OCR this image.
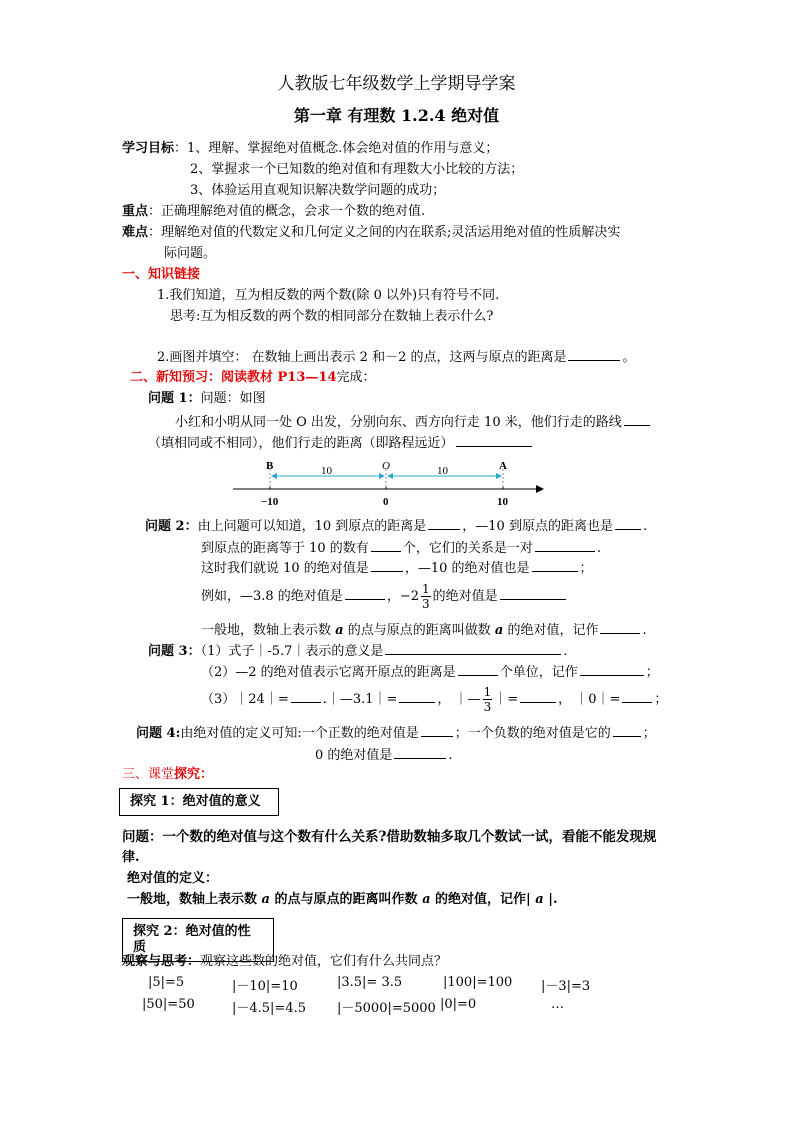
人教版七年级数学上学期导学案
第一章 有理数 1.2.4 绝对值
学习目标：1、理解、掌握绝对值概念.体会绝对值的作用与意义；
2、掌握求一个已知数的绝对值和有理数大小比较的方法；
3、体验运用直观知识解决数学问题的成功；
重点：正确理解绝对值的概念，会求一个数的绝对值.
难点：理解绝对值的代数定义和几何定义之间的内在联系;灵活运用绝对值的性质解决实
际问题。
一、知识链接
1.我们知道，互为相反数的两个数(除 0 以外)只有符号不同.
思考:互为相反数的两个数的相同部分在数轴上表示什么?
2.画图并填空： 在数轴上画出表示 2 和－2 的点，这两与原点的距离是	。
二、新知预习：阅读教材 P13—14完成：
问题 1：问题：如图
小红和小明从同一处 O 出发，分别向东、西方向行走 10 米，他们行走的路线
（填相同或不相同），他们行走的距离（即路程远近）
B	O	A
10	10
−10	0	10
问题 2：由上问题可以知道，10 到原点的距离是	，—10 到原点的距离也是 .
到原点的距离等于 10 的数有	个，它们的关系是一对	.
这时我们就说 10 的绝对值是	，—10 的绝对值也是	；
例如，—3.8 的绝对值是	，$-2 \frac{1}{3}$ 的绝对值是
一般地，数轴上表示数 a 的点与原点的距离叫做数 a 的绝对值，记作	.
问题 3：（1）式子｜-5.7｜表示的意义是	.
（2）—2 的绝对值表示它离开原点的距离是	个单位，记作	；
（3）｜24｜=	.｜—3.1｜=	， ｜— $\frac{1}{3}$ ｜=	， ｜0｜=	；
问题 4:由绝对值的定义可知:一个正数的绝对值是	；一个负数的绝对值是它的 ；
0 的绝对值是	.
三、课堂探究：
探究 1：绝对值的意义
问题：一个数的绝对值与这个数有什么关系?借助数轴多取几个数试一试，看能不能发现规
律.
绝对值的定义：
一般地，数轴上表示数 a 的点与原点的距离叫作数 a 的绝对值，记作| a |.
探究 2：绝对值的性质
观察与思考：观察这些数的绝对值，它们有什么共同点？
|5|=5	|－10|=10	|3.5|= 3.5	|100|=100 |－3|=3
|50|=50	|－4.5|=4.5 |－5000|=5000 |0|=0	…
